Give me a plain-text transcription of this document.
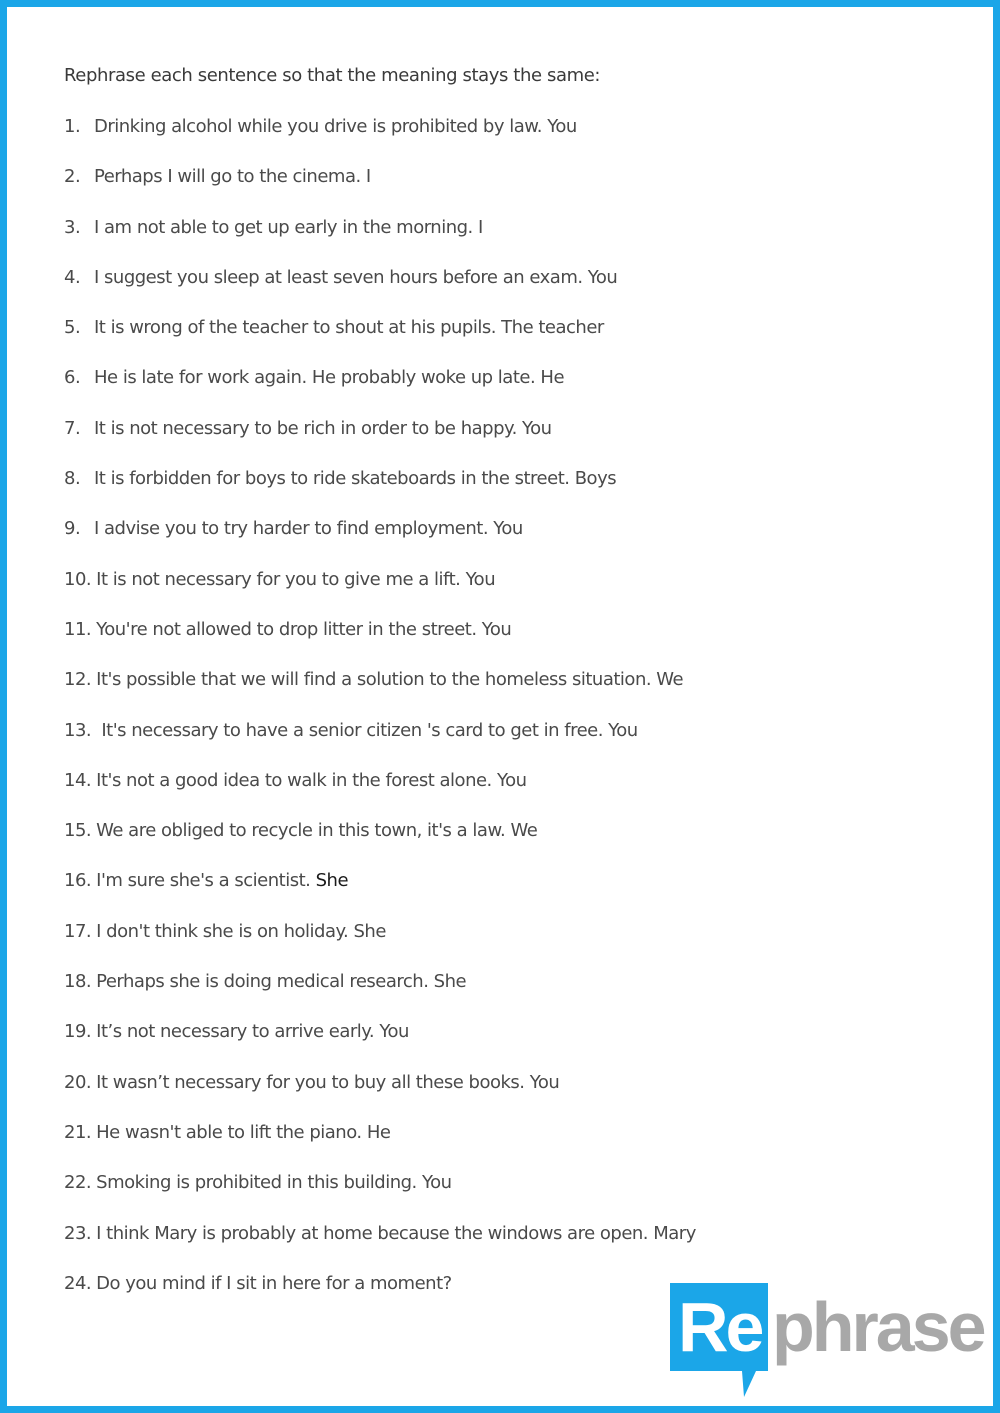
Rephrase each sentence so that the meaning stays the same:
1. Drinking alcohol while you drive is prohibited by law. You
2. Perhaps I will go to the cinema. I
3. I am not able to get up early in the morning. I
4. I suggest you sleep at least seven hours before an exam. You
5. It is wrong of the teacher to shout at his pupils. The teacher
6. He is late for work again. He probably woke up late. He
7. It is not necessary to be rich in order to be happy. You
8. It is forbidden for boys to ride skateboards in the street. Boys
9. I advise you to try harder to find employment. You
10. It is not necessary for you to give me a lift. You
11. You're not allowed to drop litter in the street. You
12. It's possible that we will find a solution to the homeless situation. We
13. It's necessary to have a senior citizen 's card to get in free. You
14. It's not a good idea to walk in the forest alone. You
15. We are obliged to recycle in this town, it's a law. We
16. I'm sure she's a scientist. She
17. I don't think she is on holiday. She
18. Perhaps she is doing medical research. She
19. It’s not necessary to arrive early. You
20. It wasn’t necessary for you to buy all these books. You
21. He wasn't able to lift the piano. He
22. Smoking is prohibited in this building. You
23. I think Mary is probably at home because the windows are open. Mary
24. Do you mind if I sit in here for a moment?
Re phrase
